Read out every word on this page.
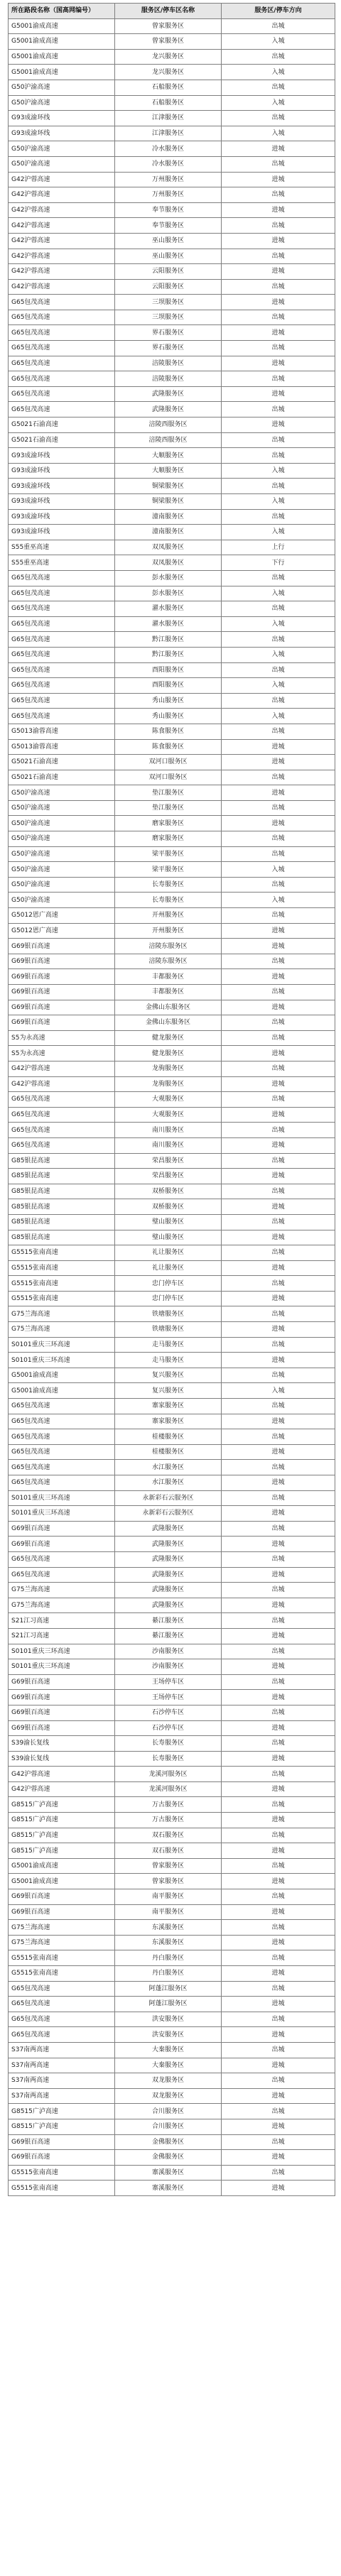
所在路段名称（国高网编号）	服务区/停车区名称	服务区/停车方向
G5001渝成高速	曾家服务区	出城
G5001渝成高速	曾家服务区	入城
G5001渝成高速	龙兴服务区	出城
G5001渝成高速	龙兴服务区	入城
G50沪渝高速	石船服务区	出城
G50沪渝高速	石船服务区	入城
G93成渝环线	江津服务区	出城
G93成渝环线	江津服务区	入城
G50沪渝高速	冷水服务区	进城
G50沪渝高速	冷水服务区	出城
G42沪蓉高速	万州服务区	进城
G42沪蓉高速	万州服务区	出城
G42沪蓉高速	奉节服务区	进城
G42沪蓉高速	奉节服务区	出城
G42沪蓉高速	巫山服务区	进城
G42沪蓉高速	巫山服务区	出城
G42沪蓉高速	云阳服务区	进城
G42沪蓉高速	云阳服务区	出城
G65包茂高速	三坝服务区	进城
G65包茂高速	三坝服务区	出城
G65包茂高速	界石服务区	进城
G65包茂高速	界石服务区	出城
G65包茂高速	涪陵服务区	进城
G65包茂高速	涪陵服务区	出城
G65包茂高速	武隆服务区	进城
G65包茂高速	武隆服务区	出城
G5021石渝高速	涪陵西服务区	进城
G5021石渝高速	涪陵西服务区	出城
G93成渝环线	大顺服务区	出城
G93成渝环线	大顺服务区	入城
G93成渝环线	铜梁服务区	出城
G93成渝环线	铜梁服务区	入城
G93成渝环线	潼南服务区	出城
G93成渝环线	潼南服务区	入城
S55重巫高速	双凤服务区	上行
S55重巫高速	双凤服务区	下行
G65包茂高速	彭水服务区	出城
G65包茂高速	彭水服务区	入城
G65包茂高速	濯水服务区	出城
G65包茂高速	濯水服务区	入城
G65包茂高速	黔江服务区	出城
G65包茂高速	黔江服务区	入城
G65包茂高速	酉阳服务区	出城
G65包茂高速	酉阳服务区	入城
G65包茂高速	秀山服务区	出城
G65包茂高速	秀山服务区	入城
G5013渝蓉高速	陈食服务区	出城
G5013渝蓉高速	陈食服务区	进城
G5021石渝高速	双河口服务区	进城
G5021石渝高速	双河口服务区	出城
G50沪渝高速	垫江服务区	进城
G50沪渝高速	垫江服务区	出城
G50沪渝高速	磨家服务区	进城
G50沪渝高速	磨家服务区	出城
G50沪渝高速	梁平服务区	出城
G50沪渝高速	梁平服务区	入城
G50沪渝高速	长寿服务区	出城
G50沪渝高速	长寿服务区	入城
G5012恩广高速	开州服务区	出城
G5012恩广高速	开州服务区	进城
G69银百高速	涪陵东服务区	进城
G69银百高速	涪陵东服务区	出城
G69银百高速	丰都服务区	进城
G69银百高速	丰都服务区	出城
G69银百高速	金佛山东服务区	进城
G69银百高速	金佛山东服务区	出城
S5为永高速	健龙服务区	出城
S5为永高速	健龙服务区	进城
G42沪蓉高速	龙驹服务区	出城
G42沪蓉高速	龙驹服务区	进城
G65包茂高速	大观服务区	出城
G65包茂高速	大观服务区	进城
G65包茂高速	南川服务区	出城
G65包茂高速	南川服务区	进城
G85银昆高速	荣昌服务区	出城
G85银昆高速	荣昌服务区	进城
G85银昆高速	双桥服务区	出城
G85银昆高速	双桥服务区	进城
G85银昆高速	璧山服务区	出城
G85银昆高速	璧山服务区	进城
G5515张南高速	礼让服务区	出城
G5515张南高速	礼让服务区	进城
G5515张南高速	忠门停车区	出城
G5515张南高速	忠门停车区	进城
G75兰海高速	铁塘服务区	出城
G75兰海高速	铁塘服务区	进城
S0101重庆三环高速	走马服务区	出城
S0101重庆三环高速	走马服务区	进城
G5001渝成高速	复兴服务区	出城
G5001渝成高速	复兴服务区	入城
G65包茂高速	寨家服务区	出城
G65包茂高速	寨家服务区	进城
G65包茂高速	桂楼服务区	出城
G65包茂高速	桂楼服务区	进城
G65包茂高速	水江服务区	出城
G65包茂高速	水江服务区	进城
S0101重庆三环高速	永新彩石云服务区	出城
S0101重庆三环高速	永新彩石云服务区	进城
G69银百高速	武隆服务区	出城
G69银百高速	武隆服务区	进城
G65包茂高速	武隆服务区	出城
G65包茂高速	武隆服务区	进城
G75兰海高速	武隆服务区	出城
G75兰海高速	武隆服务区	进城
S21江习高速	綦江服务区	出城
S21江习高速	綦江服务区	进城
S0101重庆三环高速	沙南服务区	出城
S0101重庆三环高速	沙南服务区	进城
G69银百高速	王场停车区	出城
G69银百高速	王场停车区	进城
G69银百高速	石沙停车区	出城
G69银百高速	石沙停车区	进城
S39渝长复线	长寿服务区	出城
S39渝长复线	长寿服务区	进城
G42沪蓉高速	龙溪河服务区	出城
G42沪蓉高速	龙溪河服务区	进城
G8515广泸高速	万古服务区	出城
G8515广泸高速	万古服务区	进城
G8515广泸高速	双石服务区	出城
G8515广泸高速	双石服务区	进城
G5001渝成高速	曾家服务区	出城
G5001渝成高速	曾家服务区	进城
G69银百高速	南平服务区	出城
G69银百高速	南平服务区	进城
G75兰海高速	东溪服务区	出城
G75兰海高速	东溪服务区	进城
G5515张南高速	丹白服务区	出城
G5515张南高速	丹白服务区	进城
G65包茂高速	阿蓬江服务区	出城
G65包茂高速	阿蓬江服务区	进城
G65包茂高速	洪安服务区	出城
G65包茂高速	洪安服务区	进城
S37南两高速	大秦服务区	出城
S37南两高速	大秦服务区	进城
S37南两高速	双龙服务区	出城
S37南两高速	双龙服务区	进城
G8515广泸高速	合川服务区	出城
G8515广泸高速	合川服务区	进城
G69银百高速	金佛服务区	出城
G69银百高速	金佛服务区	进城
G5515张南高速	寨溪服务区	出城
G5515张南高速	寨溪服务区	进城
